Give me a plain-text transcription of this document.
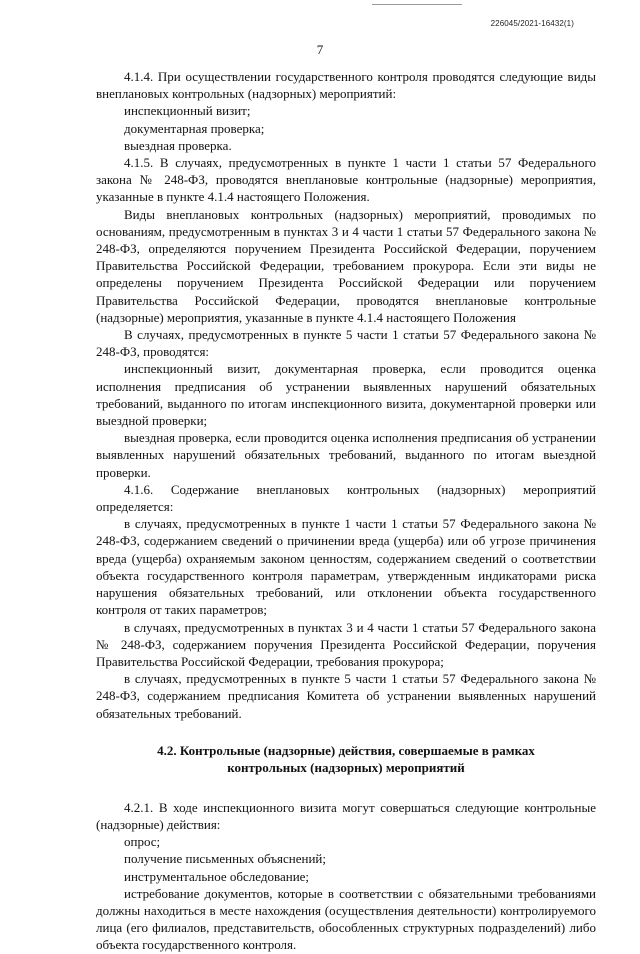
226045/2021-16432(1)
7

4.1.4. При осуществлении государственного контроля проводятся следующие виды внеплановых контрольных (надзорных) мероприятий:

инспекционный визит;

документарная проверка;

выездная проверка.

4.1.5. В случаях, предусмотренных в пункте 1 части 1 статьи 57 Федерального закона № 248-ФЗ, проводятся внеплановые контрольные (надзорные) мероприятия, указанные в пункте 4.1.4 настоящего Положения.

Виды внеплановых контрольных (надзорных) мероприятий, проводимых по основаниям, предусмотренным в пунктах 3 и 4 части 1 статьи 57 Федерального закона № 248-ФЗ, определяются поручением Президента Российской Федерации, поручением Правительства Российской Федерации, требованием прокурора. Если эти виды не определены поручением Президента Российской Федерации или поручением Правительства Российской Федерации, проводятся внеплановые контрольные (надзорные) мероприятия, указанные в пункте 4.1.4 настоящего Положения

В случаях, предусмотренных в пункте 5 части 1 статьи 57 Федерального закона № 248-ФЗ, проводятся:

инспекционный визит, документарная проверка, если проводится оценка исполнения предписания об устранении выявленных нарушений обязательных требований, выданного по итогам инспекционного визита, документарной проверки или выездной проверки;

выездная проверка, если проводится оценка исполнения предписания об устранении выявленных нарушений обязательных требований, выданного по итогам выездной проверки.

4.1.6. Содержание внеплановых контрольных (надзорных) мероприятий определяется:

в случаях, предусмотренных в пункте 1 части 1 статьи 57 Федерального закона № 248-ФЗ, содержанием сведений о причинении вреда (ущерба) или об угрозе причинения вреда (ущерба) охраняемым законом ценностям, содержанием сведений о соответствии объекта государственного контроля параметрам, утвержденным индикаторами риска нарушения обязательных требований, или отклонении объекта государственного контроля от таких параметров;

в случаях, предусмотренных в пунктах 3 и 4 части 1 статьи 57 Федерального закона № 248-ФЗ, содержанием поручения Президента Российской Федерации, поручения Правительства Российской Федерации, требования прокурора;

в случаях, предусмотренных в пункте 5 части 1 статьи 57 Федерального закона № 248-ФЗ, содержанием предписания Комитета об устранении выявленных нарушений обязательных требований.

4.2. Контрольные (надзорные) действия, совершаемые в рамках
контрольных (надзорных) мероприятий

4.2.1. В ходе инспекционного визита могут совершаться следующие контрольные (надзорные) действия:

опрос;

получение письменных объяснений;

инструментальное обследование;

истребование документов, которые в соответствии с обязательными требованиями должны находиться в месте нахождения (осуществления деятельности) контролируемого лица (его филиалов, представительств, обособленных структурных подразделений) либо объекта государственного контроля.
